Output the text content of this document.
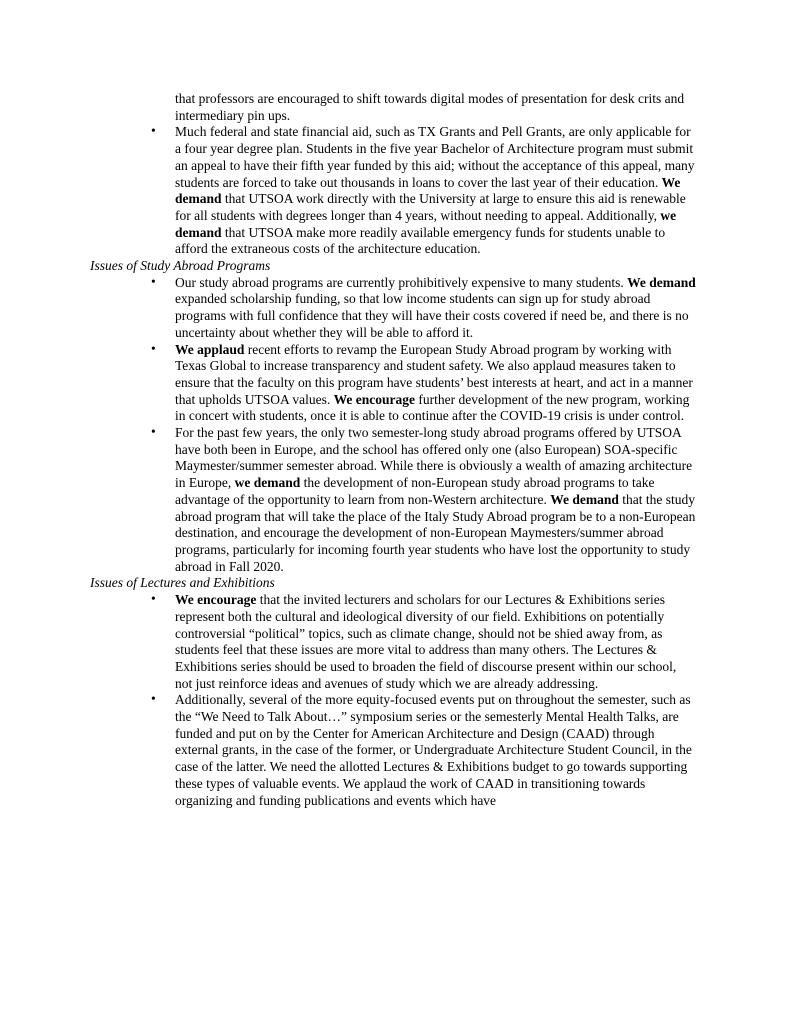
that professors are encouraged to shift towards digital modes of presentation for desk crits and intermediary pin ups.
• Much federal and state financial aid, such as TX Grants and Pell Grants, are only applicable for a four year degree plan. Students in the five year Bachelor of Architecture program must submit an appeal to have their fifth year funded by this aid; without the acceptance of this appeal, many students are forced to take out thousands in loans to cover the last year of their education. We demand that UTSOA work directly with the University at large to ensure this aid is renewable for all students with degrees longer than 4 years, without needing to appeal. Additionally, we demand that UTSOA make more readily available emergency funds for students unable to afford the extraneous costs of the architecture education.

Issues of Study Abroad Programs

• Our study abroad programs are currently prohibitively expensive to many students. We demand expanded scholarship funding, so that low income students can sign up for study abroad programs with full confidence that they will have their costs covered if need be, and there is no uncertainty about whether they will be able to afford it.
• We applaud recent efforts to revamp the European Study Abroad program by working with Texas Global to increase transparency and student safety. We also applaud measures taken to ensure that the faculty on this program have students’ best interests at heart, and act in a manner that upholds UTSOA values. We encourage further development of the new program, working in concert with students, once it is able to continue after the COVID-19 crisis is under control.
• For the past few years, the only two semester-long study abroad programs offered by UTSOA have both been in Europe, and the school has offered only one (also European) SOA-specific Maymester/summer semester abroad. While there is obviously a wealth of amazing architecture in Europe, we demand the development of non-European study abroad programs to take advantage of the opportunity to learn from non-Western architecture. We demand that the study abroad program that will take the place of the Italy Study Abroad program be to a non-European destination, and encourage the development of non-European Maymesters/summer abroad programs, particularly for incoming fourth year students who have lost the opportunity to study abroad in Fall 2020.

Issues of Lectures and Exhibitions

• We encourage that the invited lecturers and scholars for our Lectures & Exhibitions series represent both the cultural and ideological diversity of our field. Exhibitions on potentially controversial “political” topics, such as climate change, should not be shied away from, as students feel that these issues are more vital to address than many others. The Lectures & Exhibitions series should be used to broaden the field of discourse present within our school, not just reinforce ideas and avenues of study which we are already addressing.
• Additionally, several of the more equity-focused events put on throughout the semester, such as the “We Need to Talk About…” symposium series or the semesterly Mental Health Talks, are funded and put on by the Center for American Architecture and Design (CAAD) through external grants, in the case of the former, or Undergraduate Architecture Student Council, in the case of the latter. We need the allotted Lectures & Exhibitions budget to go towards supporting these types of valuable events. We applaud the work of CAAD in transitioning towards organizing and funding publications and events which have
